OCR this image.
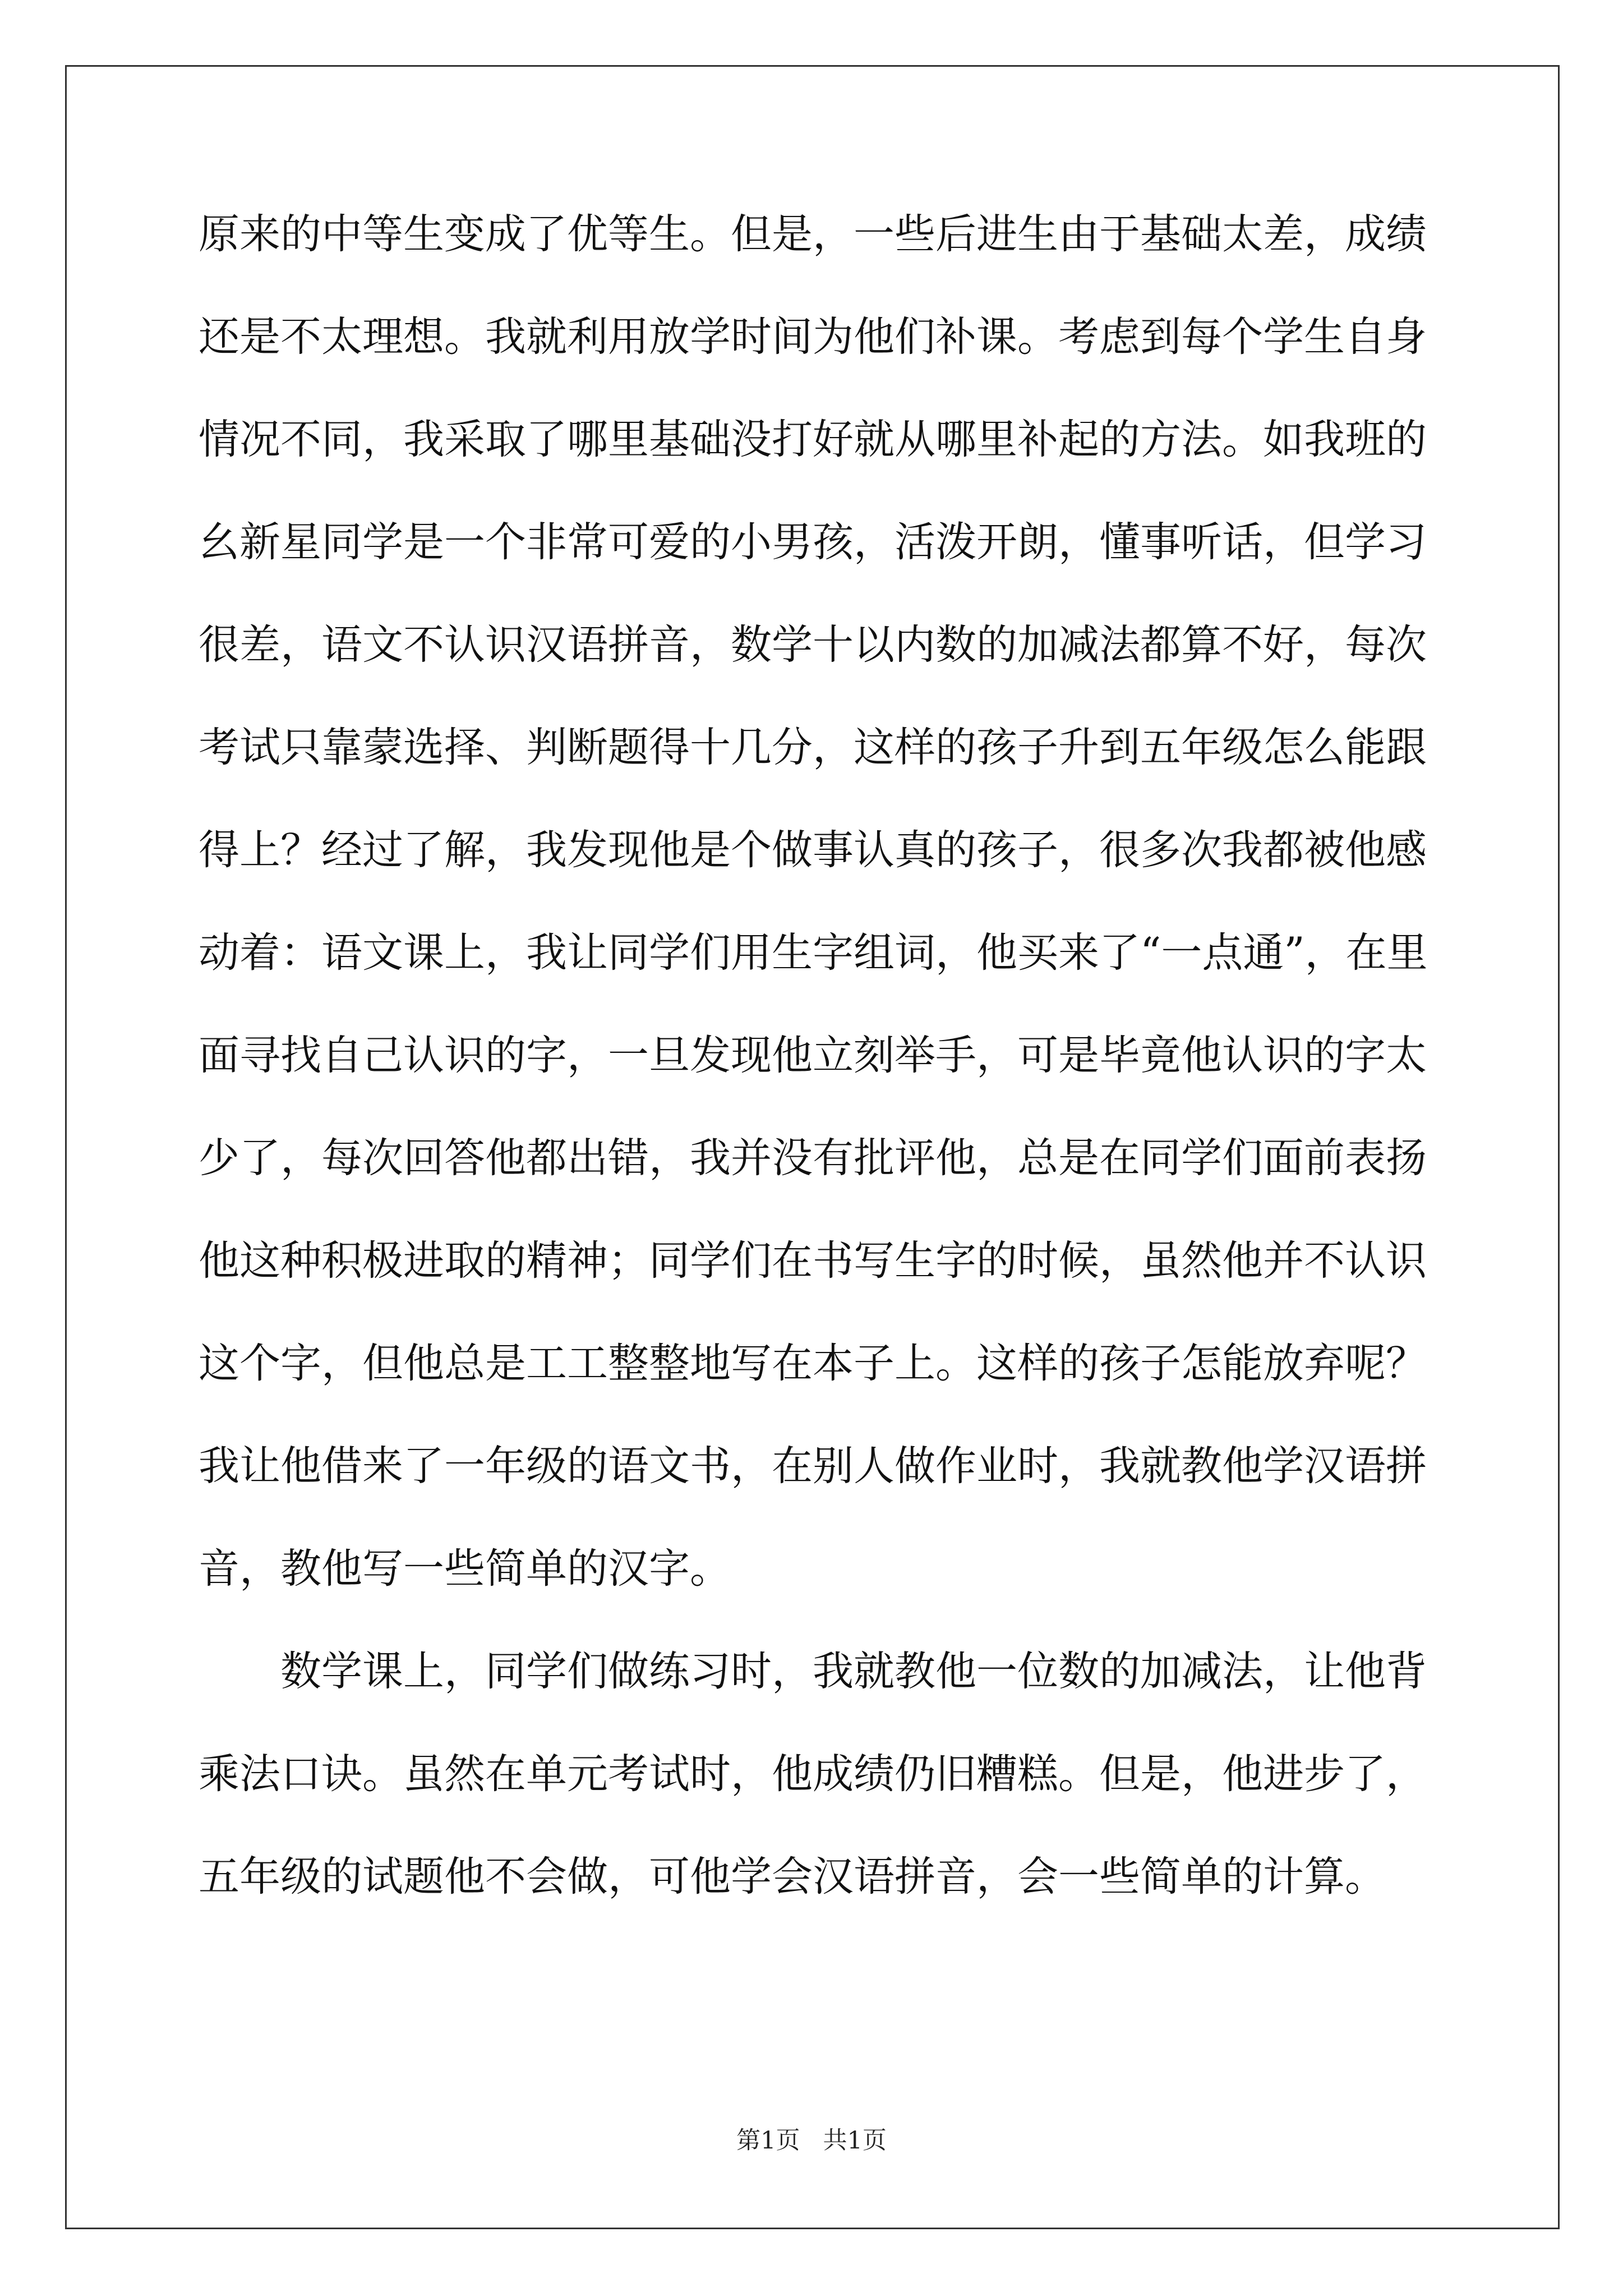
原来的中等生变成了优等生。但是，一些后进生由于基础太差，成绩
还是不太理想。我就利用放学时间为他们补课。考虑到每个学生自身
情况不同，我采取了哪里基础没打好就从哪里补起的方法。如我班的
幺新星同学是一个非常可爱的小男孩，活泼开朗，懂事听话，但学习
很差，语文不认识汉语拼音，数学十以内数的加减法都算不好，每次
考试只靠蒙选择、判断题得十几分，这样的孩子升到五年级怎么能跟
得上？经过了解，我发现他是个做事认真的孩子，很多次我都被他感
动着：语文课上，我让同学们用生字组词，他买来了“一点通”，在里
面寻找自己认识的字，一旦发现他立刻举手，可是毕竟他认识的字太
少了，每次回答他都出错，我并没有批评他，总是在同学们面前表扬
他这种积极进取的精神；同学们在书写生字的时候，虽然他并不认识
这个字，但他总是工工整整地写在本子上。这样的孩子怎能放弃呢？
我让他借来了一年级的语文书，在别人做作业时，我就教他学汉语拼
音，教他写一些简单的汉字。
数学课上，同学们做练习时，我就教他一位数的加减法，让他背
乘法口诀。虽然在单元考试时，他成绩仍旧糟糕。但是，他进步了，
五年级的试题他不会做，可他学会汉语拼音，会一些简单的计算。
第1页   共1页
